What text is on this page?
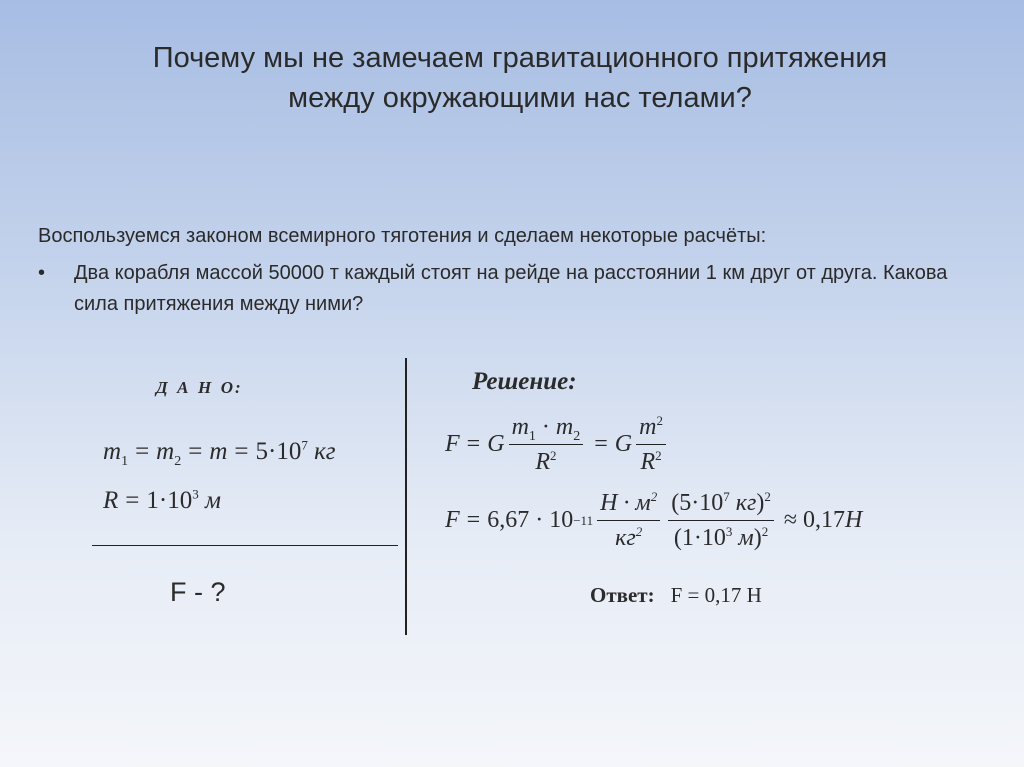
Почему мы не замечаем гравитационного притяжения
между окружающими нас телами?
Воспользуемся законом всемирного тяготения и сделаем некоторые расчёты:
• Два корабля массой 50000 т каждый стоят на рейде на расстоянии 1 км друг от друга. Какова сила притяжения между ними?
Д А Н О:
$m_1 = m_2 = m = 5\cdot 10^7$ кг
$R = 1\cdot 10^3$ м
F - ?
Решение:
F = G $\frac{m_1 \cdot m_2}{R^2} = G \frac{m^2}{R^2}$
$F = 6,67 \cdot 10 -11 \frac{Н \cdot м^2}{кг^2} \frac{(5\cdot 10^7 кг)^2}{(1\cdot 10^3 м)^2} \approx 0,17$ Н
Ответ: F = 0,17 Н
